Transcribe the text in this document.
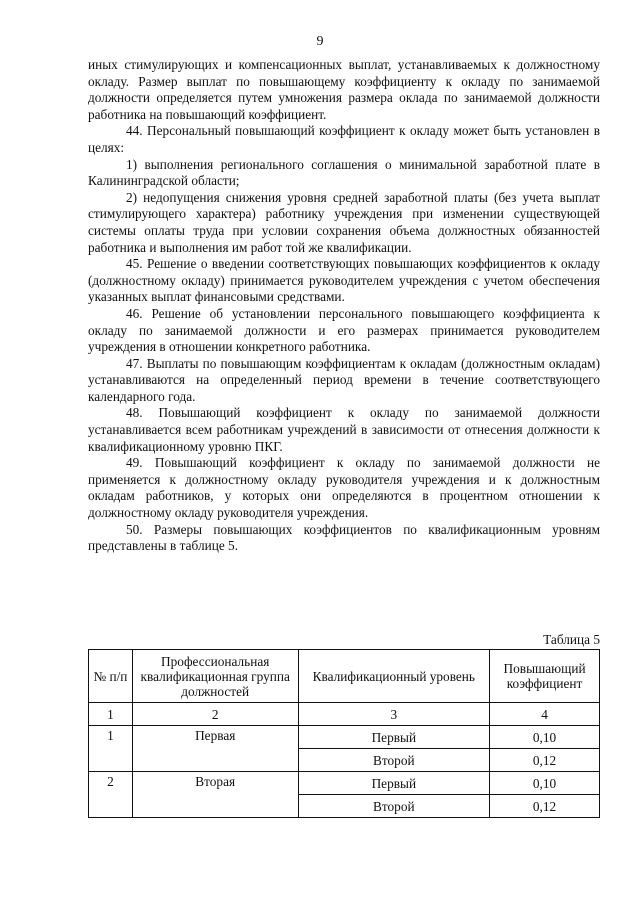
9

иных стимулирующих и компенсационных выплат, устанавливаемых к должностному окладу. Размер выплат по повышающему коэффициенту к окладу по занимаемой должности определяется путем умножения размера оклада по занимаемой должности работника на повышающий коэффициент.

44. Персональный повышающий коэффициент к окладу может быть установлен в целях:

1) выполнения регионального соглашения о минимальной заработной плате в Калининградской области;

2) недопущения снижения уровня средней заработной платы (без учета выплат стимулирующего характера) работнику учреждения при изменении существующей системы оплаты труда при условии сохранения объема должностных обязанностей работника и выполнения им работ той же квалификации.

45. Решение о введении соответствующих повышающих коэффициентов к окладу (должностному окладу) принимается руководителем учреждения с учетом обеспечения указанных выплат финансовыми средствами.

46. Решение об установлении персонального повышающего коэффициента к окладу по занимаемой должности и его размерах принимается руководителем учреждения в отношении конкретного работника.

47. Выплаты по повышающим коэффициентам к окладам (должностным окладам) устанавливаются на определенный период времени в течение соответствующего календарного года.

48. Повышающий коэффициент к окладу по занимаемой должности устанавливается всем работникам учреждений в зависимости от отнесения должности к квалификационному уровню ПКГ.

49. Повышающий коэффициент к окладу по занимаемой должности не применяется к должностному окладу руководителя учреждения и к должностным окладам работников, у которых они определяются в процентном отношении к должностному окладу руководителя учреждения.

50. Размеры повышающих коэффициентов по квалификационным уровням представлены в таблице 5.

Таблица 5
№ п/п	Профессиональная квалификационная группа должностей	Квалификационный уровень	Повышающий коэффициент
1	2	3	4
1	Первая	Первый	0,10
		Второй	0,12
2	Вторая	Первый	0,10
		Второй	0,12
